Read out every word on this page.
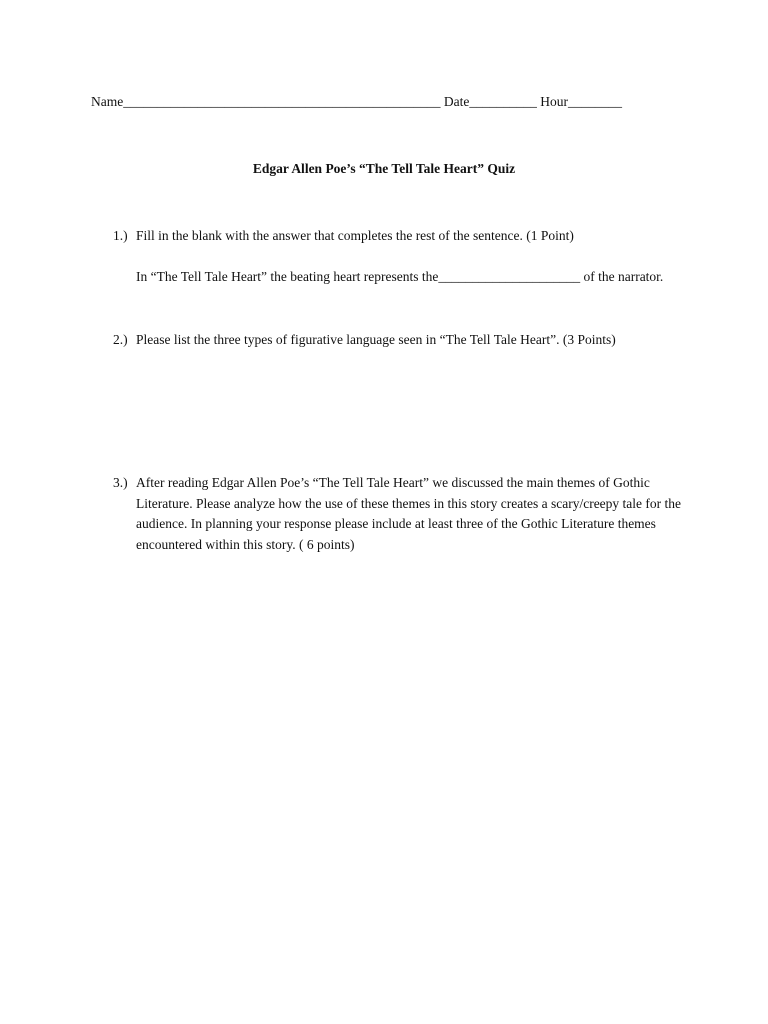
Name_______________________________________________ Date__________ Hour________
Edgar Allen Poe’s “The Tell Tale Heart” Quiz
1.) Fill in the blank with the answer that completes the rest of the sentence. (1 Point)
In “The Tell Tale Heart” the beating heart represents the_____________________ of the narrator.
2.) Please list the three types of figurative language seen in “The Tell Tale Heart”. (3 Points)
3.) After reading Edgar Allen Poe’s “The Tell Tale Heart” we discussed the main themes of Gothic Literature. Please analyze how the use of these themes in this story creates a scary/creepy tale for the audience. In planning your response please include at least three of the Gothic Literature themes encountered within this story. ( 6 points)
